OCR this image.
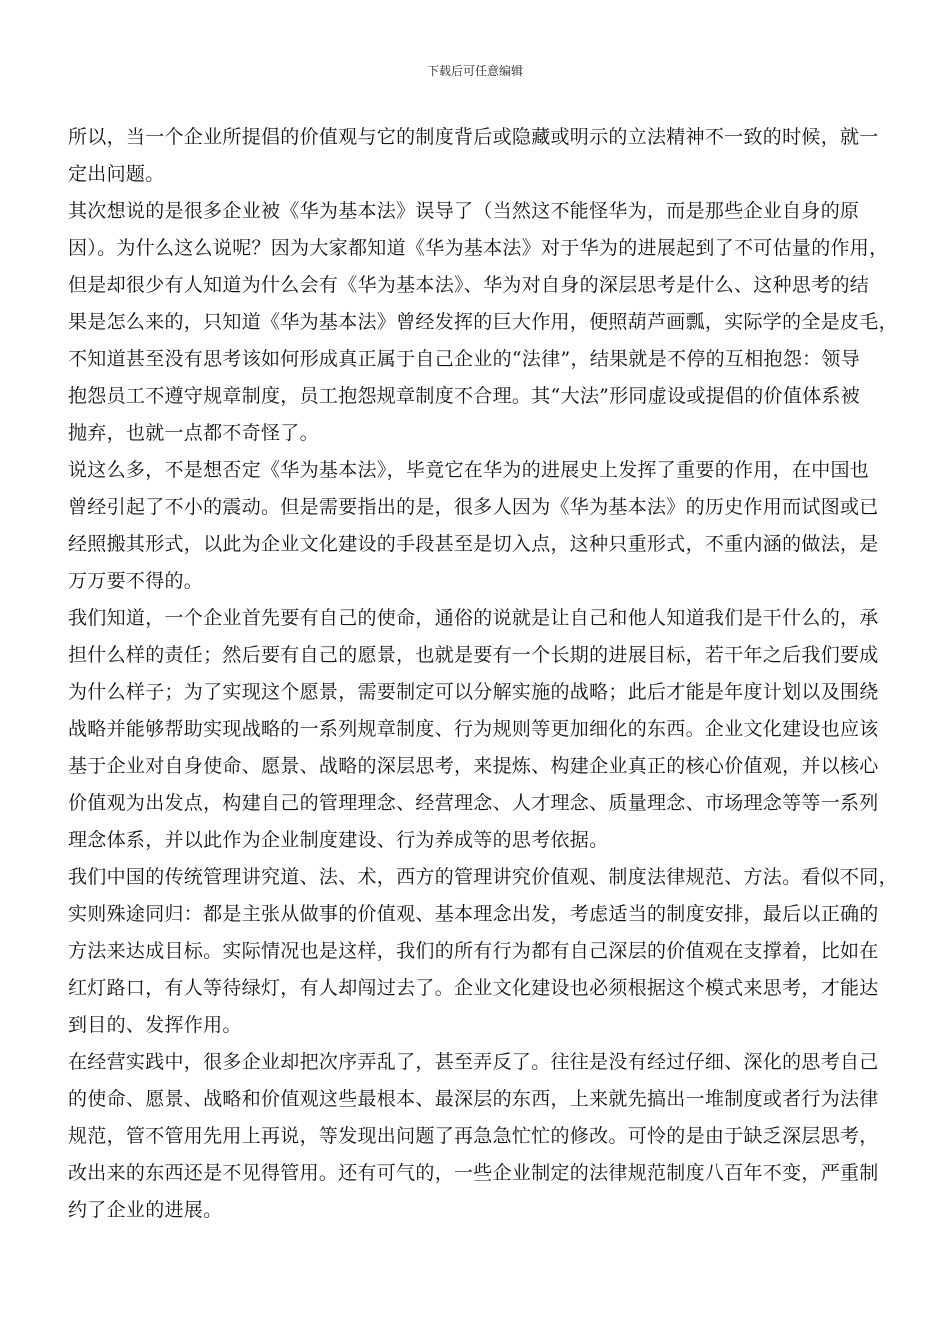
下载后可任意编辑

所以，当一个企业所提倡的价值观与它的制度背后或隐藏或明示的立法精神不一致的时候，就一
定出问题。

其次想说的是很多企业被《华为基本法》误导了（当然这不能怪华为，而是那些企业自身的原
因）。为什么这么说呢？因为大家都知道《华为基本法》对于华为的进展起到了不可估量的作用，
但是却很少有人知道为什么会有《华为基本法》、华为对自身的深层思考是什么、这种思考的结
果是怎么来的，只知道《华为基本法》曾经发挥的巨大作用，便照葫芦画瓢，实际学的全是皮毛，
不知道甚至没有思考该如何形成真正属于自己企业的“法律”，结果就是不停的互相抱怨：领导
抱怨员工不遵守规章制度，员工抱怨规章制度不合理。其“大法”形同虚设或提倡的价值体系被
抛弃，也就一点都不奇怪了。

说这么多，不是想否定《华为基本法》，毕竟它在华为的进展史上发挥了重要的作用，在中国也
曾经引起了不小的震动。但是需要指出的是，很多人因为《华为基本法》的历史作用而试图或已
经照搬其形式，以此为企业文化建设的手段甚至是切入点，这种只重形式，不重内涵的做法，是
万万要不得的。

我们知道，一个企业首先要有自己的使命，通俗的说就是让自己和他人知道我们是干什么的，承
担什么样的责任；然后要有自己的愿景，也就是要有一个长期的进展目标，若干年之后我们要成
为什么样子；为了实现这个愿景，需要制定可以分解实施的战略；此后才能是年度计划以及围绕
战略并能够帮助实现战略的一系列规章制度、行为规则等更加细化的东西。企业文化建设也应该
基于企业对自身使命、愿景、战略的深层思考，来提炼、构建企业真正的核心价值观，并以核心
价值观为出发点，构建自己的管理理念、经营理念、人才理念、质量理念、市场理念等等一系列
理念体系，并以此作为企业制度建设、行为养成等的思考依据。

我们中国的传统管理讲究道、法、术，西方的管理讲究价值观、制度法律规范、方法。看似不同，
实则殊途同归：都是主张从做事的价值观、基本理念出发，考虑适当的制度安排，最后以正确的
方法来达成目标。实际情况也是这样，我们的所有行为都有自己深层的价值观在支撑着，比如在
红灯路口，有人等待绿灯，有人却闯过去了。企业文化建设也必须根据这个模式来思考，才能达
到目的、发挥作用。

在经营实践中，很多企业却把次序弄乱了，甚至弄反了。往往是没有经过仔细、深化的思考自己
的使命、愿景、战略和价值观这些最根本、最深层的东西，上来就先搞出一堆制度或者行为法律
规范，管不管用先用上再说，等发现出问题了再急急忙忙的修改。可怜的是由于缺乏深层思考，
改出来的东西还是不见得管用。还有可气的，一些企业制定的法律规范制度八百年不变，严重制
约了企业的进展。
